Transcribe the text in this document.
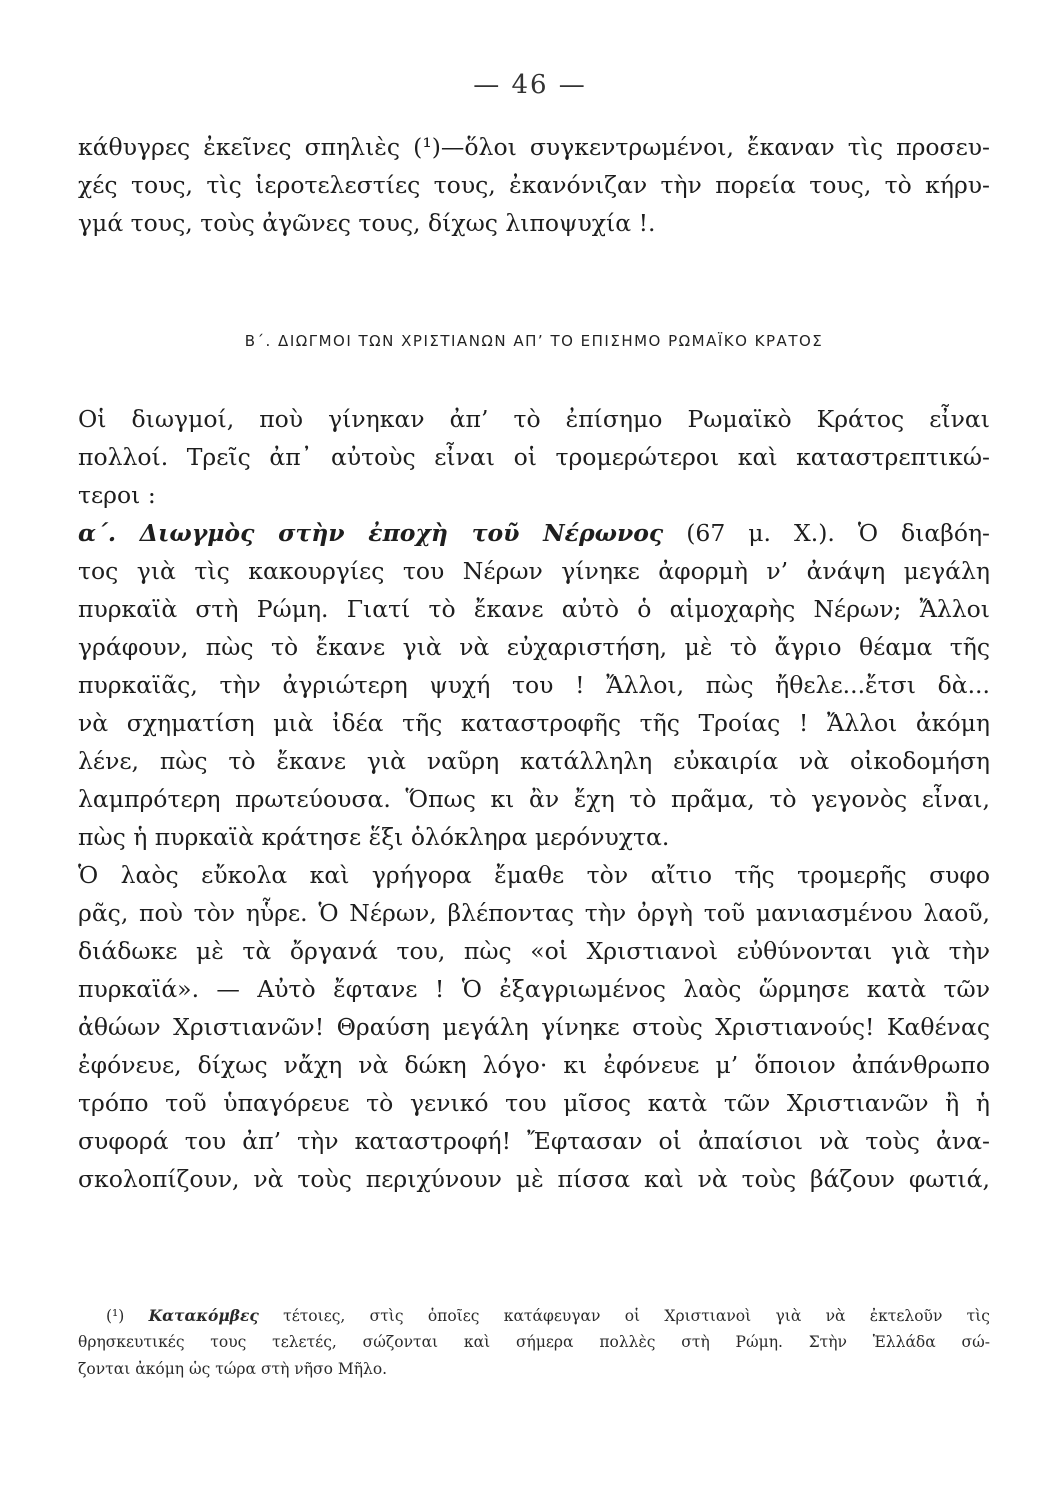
— 46 —
κάθυγρες ἐκεῖνες σπηλιὲς (¹)—ὅλοι συγκεντρωμένοι, ἔκαναν τὶς προσευ-
χές τους, τὶς ἱεροτελεστίες τους, ἐκανόνιζαν τὴν πορεία τους, τὸ κήρυ-
γμά τους, τοὺς ἀγῶνες τους, δίχως λιποψυχία !.
Β΄. ΔΙΩΓΜΟΙ ΤΩΝ ΧΡΙΣΤΙΑΝΩΝ ΑΠ’ ΤΟ ΕΠΙΣΗΜΟ ΡΩΜΑΪΚΟ ΚΡΑΤΟΣ
Οἱ διωγμοί, ποὺ γίνηκαν ἀπ’ τὸ ἐπίσημο Ρωμαϊκὸ Κράτος εἶναι
πολλοί. Τρεῖς ἀπ᾿ αὐτοὺς εἶναι οἱ τρομερώτεροι καὶ καταστρεπτικώ-
τεροι :
α΄. Διωγμὸς στὴν ἐποχὴ τοῦ Νέρωνος (67 μ. Χ.). Ὁ διαβόη-
τος γιὰ τὶς κακουργίες του Νέρων γίνηκε ἀφορμὴ ν’ ἀνάψη μεγάλη
πυρκαϊὰ στὴ Ρώμη. Γιατί τὸ ἔκανε αὐτὸ ὁ αἱμοχαρὴς Νέρων; Ἄλλοι
γράφουν, πὼς τὸ ἔκανε γιὰ νὰ εὐχαριστήση, μὲ τὸ ἄγριο θέαμα τῆς
πυρκαϊᾶς, τὴν ἀγριώτερη ψυχή του ! Ἄλλοι, πὼς ἤθελε...ἔτσι δὰ...
νὰ σχηματίση μιὰ ἰδέα τῆς καταστροφῆς τῆς Τροίας ! Ἄλλοι ἀκόμη
λένε, πὼς τὸ ἔκανε γιὰ ναῦρη κατάλληλη εὐκαιρία νὰ οἰκοδομήση
λαμπρότερη πρωτεύουσα. Ὅπως κι ἂν ἔχη τὸ πρᾶμα, τὸ γεγονὸς εἶναι,
πὼς ἡ πυρκαϊὰ κράτησε ἕξι ὁλόκληρα μερόνυχτα.
Ὁ λαὸς εὔκολα καὶ γρήγορα ἔμαθε τὸν αἴτιο τῆς τρομερῆς συφο
ρᾶς, ποὺ τὸν ηὗρε. Ὁ Νέρων, βλέποντας τὴν ὀργὴ τοῦ μανιασμένου λαοῦ,
διάδωκε μὲ τὰ ὄργανά του, πὼς «οἱ Χριστιανοὶ εὐθύνονται γιὰ τὴν
πυρκαϊά». — Αὐτὸ ἔφτανε ! Ὁ ἐξαγριωμένος λαὸς ὥρμησε κατὰ τῶν
ἀθώων Χριστιανῶν! Θραύση μεγάλη γίνηκε στοὺς Χριστιανούς! Καθένας
ἐφόνευε, δίχως νἄχη νὰ δώκη λόγο· κι ἐφόνευε μ’ ὅποιον ἀπάνθρωπο
τρόπο τοῦ ὑπαγόρευε τὸ γενικό του μῖσος κατὰ τῶν Χριστιανῶν ἢ ἡ
συφορά του ἀπ’ τὴν καταστροφή! Ἔφτασαν οἱ ἀπαίσιοι νὰ τοὺς ἀνα-
σκολοπίζουν, νὰ τοὺς περιχύνουν μὲ πίσσα καὶ νὰ τοὺς βάζουν φωτιά,
(¹) Κατακόμβες τέτοιες, στὶς ὁποῖες κατάφευγαν οἱ Χριστιανοὶ γιὰ νὰ ἐκτελοῦν τὶς
θρησκευτικές τους τελετές, σώζονται καὶ σήμερα πολλὲς στὴ Ρώμη. Στὴν Ἑλλάδα σώ-
ζονται ἀκόμη ὡς τώρα στὴ νῆσο Μῆλο.
